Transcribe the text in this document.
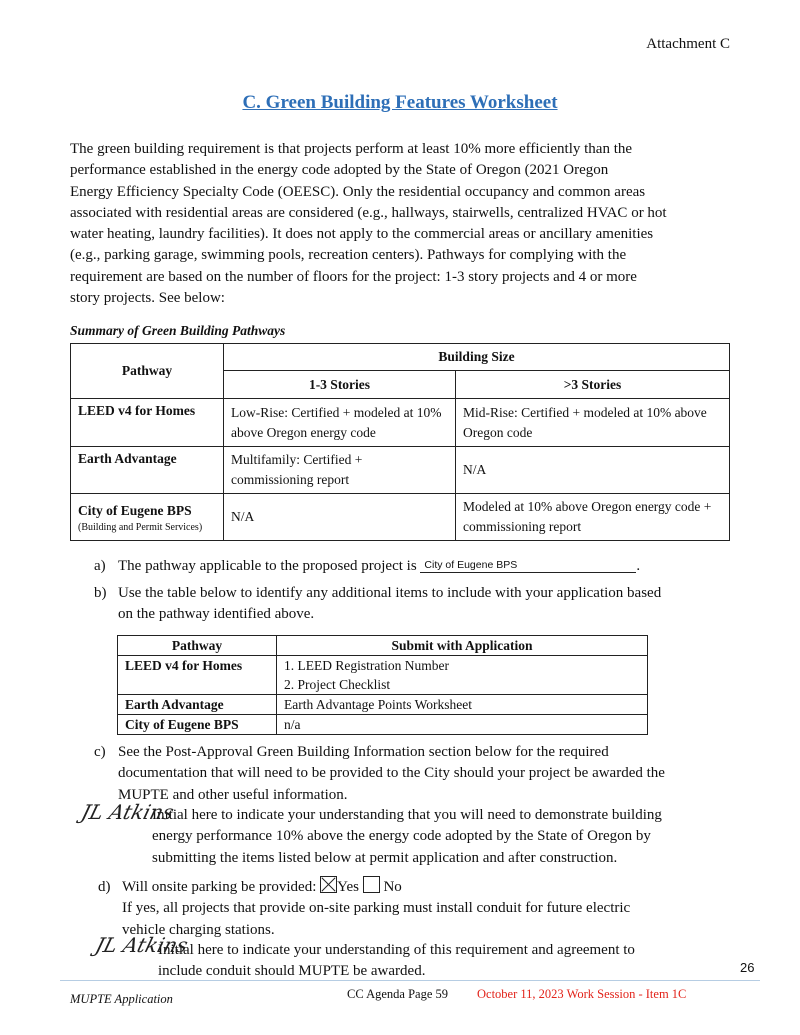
Attachment C
C. Green Building Features Worksheet
The green building requirement is that projects perform at least 10% more efficiently than the
performance established in the energy code adopted by the State of Oregon (2021 Oregon
Energy Efficiency Specialty Code (OEESC). Only the residential occupancy and common areas
associated with residential areas are considered (e.g., hallways, stairwells, centralized HVAC or hot
water heating, laundry facilities). It does not apply to the commercial areas or ancillary amenities
(e.g., parking garage, swimming pools, recreation centers). Pathways for complying with the
requirement are based on the number of floors for the project: 1-3 story projects and 4 or more
story projects. See below:
Summary of Green Building Pathways
Pathway	Building Size	
	1-3 Stories	>3 Stories
LEED v4 for Homes	Low-Rise: Certified + modeled at 10% above Oregon energy code	Mid-Rise: Certified + modeled at 10% above Oregon code
Earth Advantage	Multifamily: Certified + commissioning report	N/A
City of Eugene BPS
(Building and Permit Services)	N/A	Modeled at 10% above Oregon energy code + commissioning report
a) The pathway applicable to the proposed project is City of Eugene BPS	.
b) Use the table below to identify any additional items to include with your application based
on the pathway identified above.
Pathway	Submit with Application
LEED v4 for Homes	1. LEED Registration Number
2. Project Checklist

Earth Advantage	Earth Advantage Points Worksheet
City of Eugene BPS	n/a
c) See the Post-Approval Green Building Information section below for the required
documentation that will need to be provided to the City should your project be awarded the
MUPTE and other useful information.
Initial here to indicate your understanding that you will need to demonstrate building
energy performance 10% above the energy code adopted by the State of Oregon by
submitting the items listed below at permit application and after construction.
JL Atkins
d) Will onsite parking be provided: Yes No
If yes, all projects that provide on-site parking must install conduit for future electric
vehicle charging stations.
Initial here to indicate your understanding of this requirement and agreement to
include conduit should MUPTE be awarded.
JL Atkins
26
MUPTE Application	CC Agenda Page 59 October 11, 2023 Work Session - Item 1C
